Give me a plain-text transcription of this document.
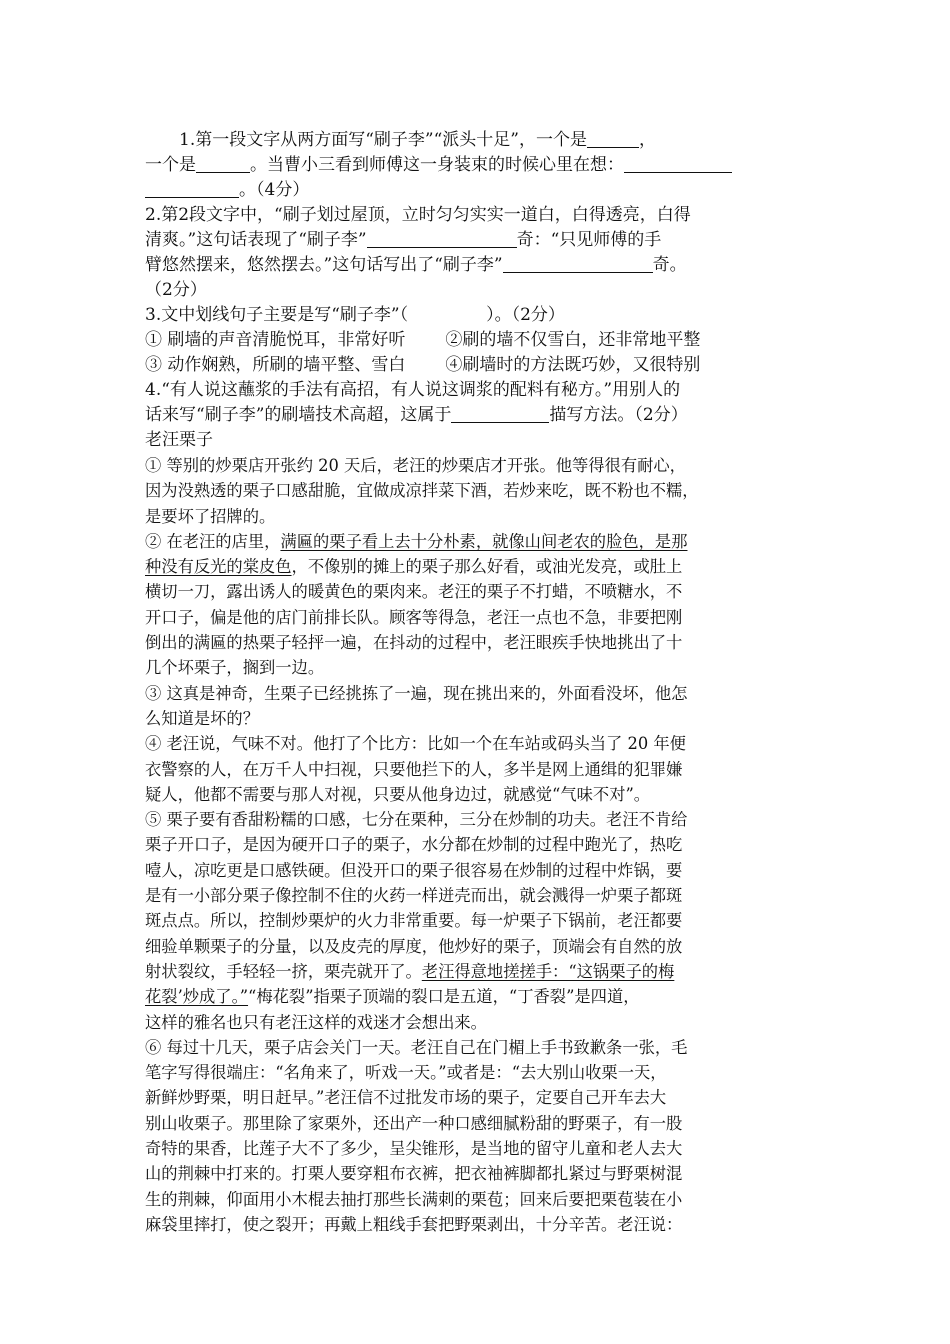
1.第一段文字从两方面写“刷子李”“派头十足”，一个是	，

一个是	。当曹小三看到师傅这一身装束的时候心里在想：

。（4分）

2.第2段文字中，“刷子划过屋顶，立时匀匀实实一道白，白得透亮，白得

清爽。”这句话表现了“刷子李”	奇：“只见师傅的手

臂悠然摆来，悠然摆去。”这句话写出了“刷子李”	奇。

（2分）

3.文中划线句子主要是写“刷子李”（	）。（2分）

① 刷墙的声音清脆悦耳，非常好听 ②刷的墙不仅雪白，还非常地平整

③ 动作娴熟，所刷的墙平整、雪白 ④刷墙时的方法既巧妙，又很特别

4.“有人说这蘸浆的手法有高招，有人说这调浆的配料有秘方。”用别人的

话来写“刷子李”的刷墙技术高超，这属于	描写方法。（2分）

老汪栗子

① 等别的炒栗店开张约 20 天后，老汪的炒栗店才开张。他等得很有耐心，

因为没熟透的栗子口感甜脆，宜做成凉拌菜下酒，若炒来吃，既不粉也不糯，

是要坏了招牌的。

② 在老汪的店里，满匾的栗子看上去十分朴素，就像山间老农的脸色，是那

种没有反光的棠皮色，不像别的摊上的栗子那么好看，或油光发亮，或肚上

横切一刀，露出诱人的暖黄色的栗肉来。老汪的栗子不打蜡，不喷糖水，不

开口子，偏是他的店门前排长队。顾客等得急，老汪一点也不急，非要把刚

倒出的满匾的热栗子轻抨一遍，在抖动的过程中，老汪眼疾手快地挑出了十

几个坏栗子，搁到一边。

③ 这真是神奇，生栗子已经挑拣了一遍，现在挑出来的，外面看没坏，他怎

么知道是坏的？

④ 老汪说，气味不对。他打了个比方：比如一个在车站或码头当了 20 年便

衣警察的人，在万千人中扫视，只要他拦下的人，多半是网上通缉的犯罪嫌

疑人，他都不需要与那人对视，只要从他身边过，就感觉“气味不对”。

⑤ 栗子要有香甜粉糯的口感，七分在栗种，三分在炒制的功夫。老汪不肯给

栗子开口子，是因为硬开口子的栗子，水分都在炒制的过程中跑光了，热吃

噎人，凉吃更是口感铁硬。但没开口的栗子很容易在炒制的过程中炸锅，要

是有一小部分栗子像控制不住的火药一样迸壳而出，就会溅得一炉栗子都斑

斑点点。所以，控制炒栗炉的火力非常重要。每一炉栗子下锅前，老汪都要

细验单颗栗子的分量，以及皮壳的厚度，他炒好的栗子，顶端会有自然的放

射状裂纹，手轻轻一挤，栗壳就开了。老汪得意地搓搓手：“这锅栗子的梅

花裂’炒成了。”“梅花裂”指栗子顶端的裂口是五道，“丁香裂”是四道，

这样的雅名也只有老汪这样的戏迷才会想出来。

⑥ 每过十几天，栗子店会关门一天。老汪自己在门楣上手书致歉条一张，毛

笔字写得很端庄：“名角来了，听戏一天。”或者是：“去大别山收栗一天，

新鲜炒野栗，明日赶早。”老汪信不过批发市场的栗子，定要自己开车去大

别山收栗子。那里除了家栗外，还出产一种口感细腻粉甜的野栗子，有一股

奇特的果香，比莲子大不了多少，呈尖锥形，是当地的留守儿童和老人去大

山的荆棘中打来的。打栗人要穿粗布衣裤，把衣袖裤脚都扎紧过与野栗树混

生的荆棘，仰面用小木棍去抽打那些长满刺的栗苞；回来后要把栗苞装在小

麻袋里摔打，使之裂开；再戴上粗线手套把野栗剥出，十分辛苦。老汪说：
